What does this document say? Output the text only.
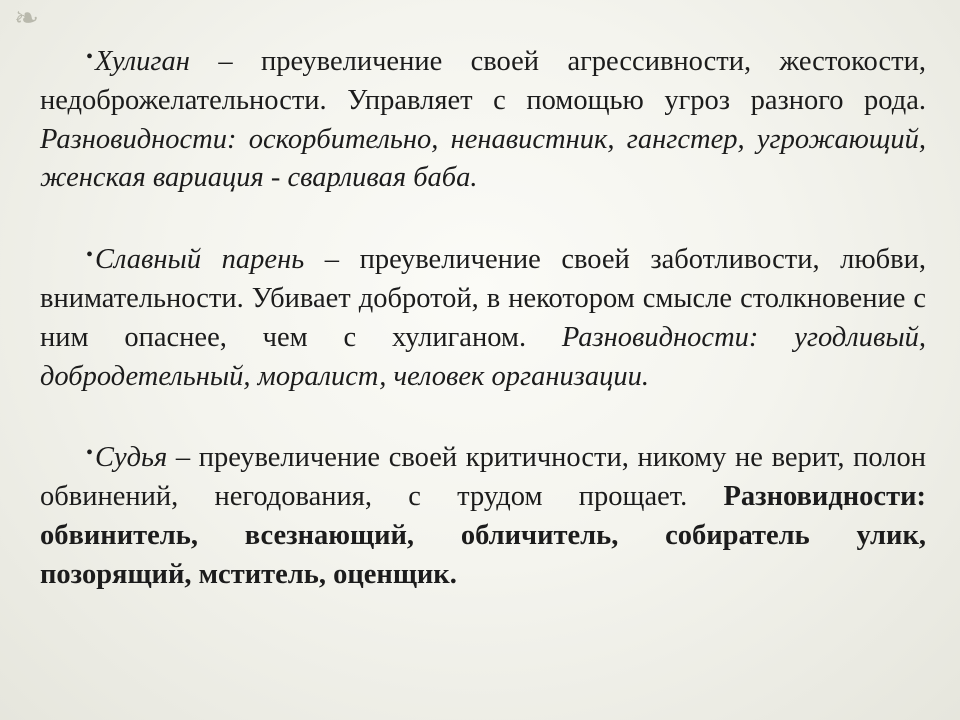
❧

•Хулиган – преувеличение своей агрессивности, жестокости, недоброжелательности. Управляет с помощью угроз разного рода. Разновидности: оскорбительно, ненавистник, гангстер, угрожающий, женская вариация - сварливая баба.

•Славный парень – преувеличение своей заботливости, любви, внимательности. Убивает добротой, в некотором смысле столкновение с ним опаснее, чем с хулиганом. Разновидности: угодливый, добродетельный, моралист, человек организации.

•Судья – преувеличение своей критичности, никому не верит, полон обвинений, негодования, с трудом прощает. Разновидности: обвинитель, всезнающий, обличитель, собиратель улик, позорящий, мститель, оценщик.
